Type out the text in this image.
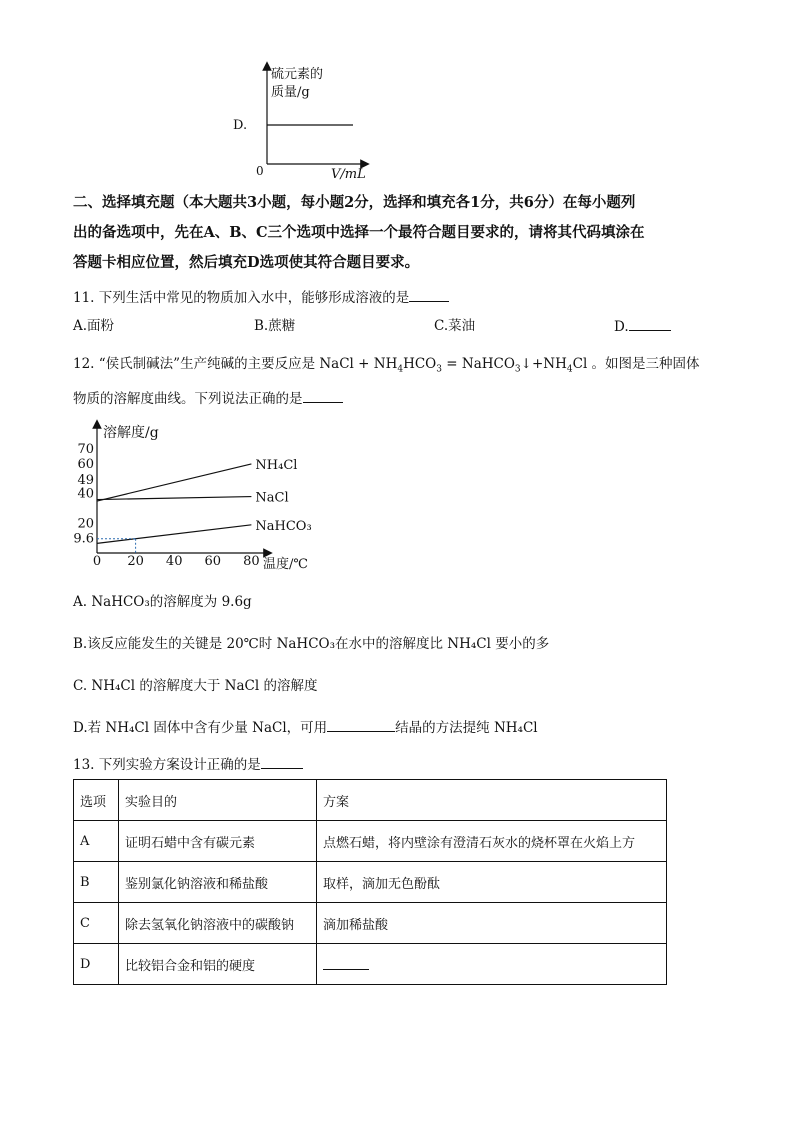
硫元素的
质量/g
D.
0	V/mL
二、选择填充题（本大题共3小题，每小题2分，选择和填充各1分，共6分）在每小题列
出的备选项中，先在A、B、C三个选项中选择一个最符合题目要求的，请将其代码填涂在
答题卡相应位置，然后填充D选项使其符合题目要求。
11. 下列生活中常见的物质加入水中，能够形成溶液的是
A.面粉	B.蔗糖	C.菜油	D.
12. “侯氏制碱法”生产纯碱的主要反应是 NaCl + $NH_4HCO_3$ = $NaHCO_3↓+NH_4Cl$ 。如图是三种固体
物质的溶解度曲线。下列说法正确的是
溶解度/g
温度/℃
0 20 40 60 80
70
60
49
40
20
9.6
NH₄Cl
NaCl
NaHCO₃
A. NaHCO₃的溶解度为 9.6g
B.该反应能发生的关键是 20℃时 NaHCO₃在水中的溶解度比 NH₄Cl 要小的多
C. NH₄Cl 的溶解度大于 NaCl 的溶解度
D.若 NH₄Cl 固体中含有少量 NaCl，可用	结晶的方法提纯 NH₄Cl
13. 下列实验方案设计正确的是
选项	实验目的	方案
A	证明石蜡中含有碳元素	点燃石蜡，将内壁涂有澄清石灰水的烧杯罩在火焰上方
B	鉴别氯化钠溶液和稀盐酸	取样，滴加无色酚酞
C	除去氢氧化钠溶液中的碳酸钠	滴加稀盐酸
D	比较铝合金和铝的硬度	
